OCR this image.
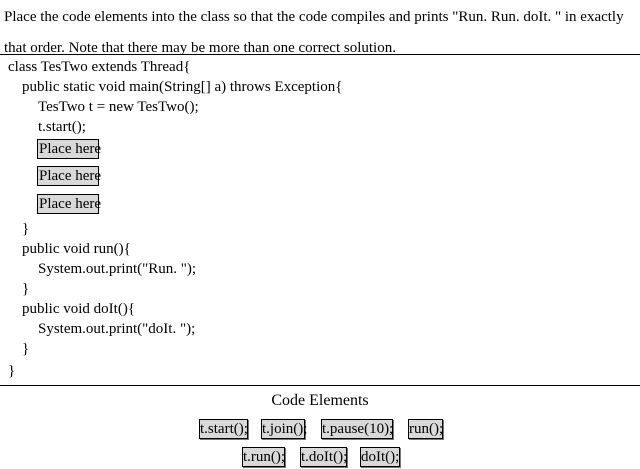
Place the code elements into the class so that the code compiles and prints "Run. Run. doIt. " in exactly that order. Note that there may be more than one correct solution.
class TesTwo extends Thread{
public static void main(String[] a) throws Exception{
TesTwo t = new TesTwo();
t.start();
Place here
Place here
Place here
}
public void run(){
System.out.print("Run. ");
}
public void doIt(){
System.out.print("doIt. ");
}
}
Code Elements
t.start(); t.join(); t.pause(10); run();
t.run(); t.doIt(); doIt();
